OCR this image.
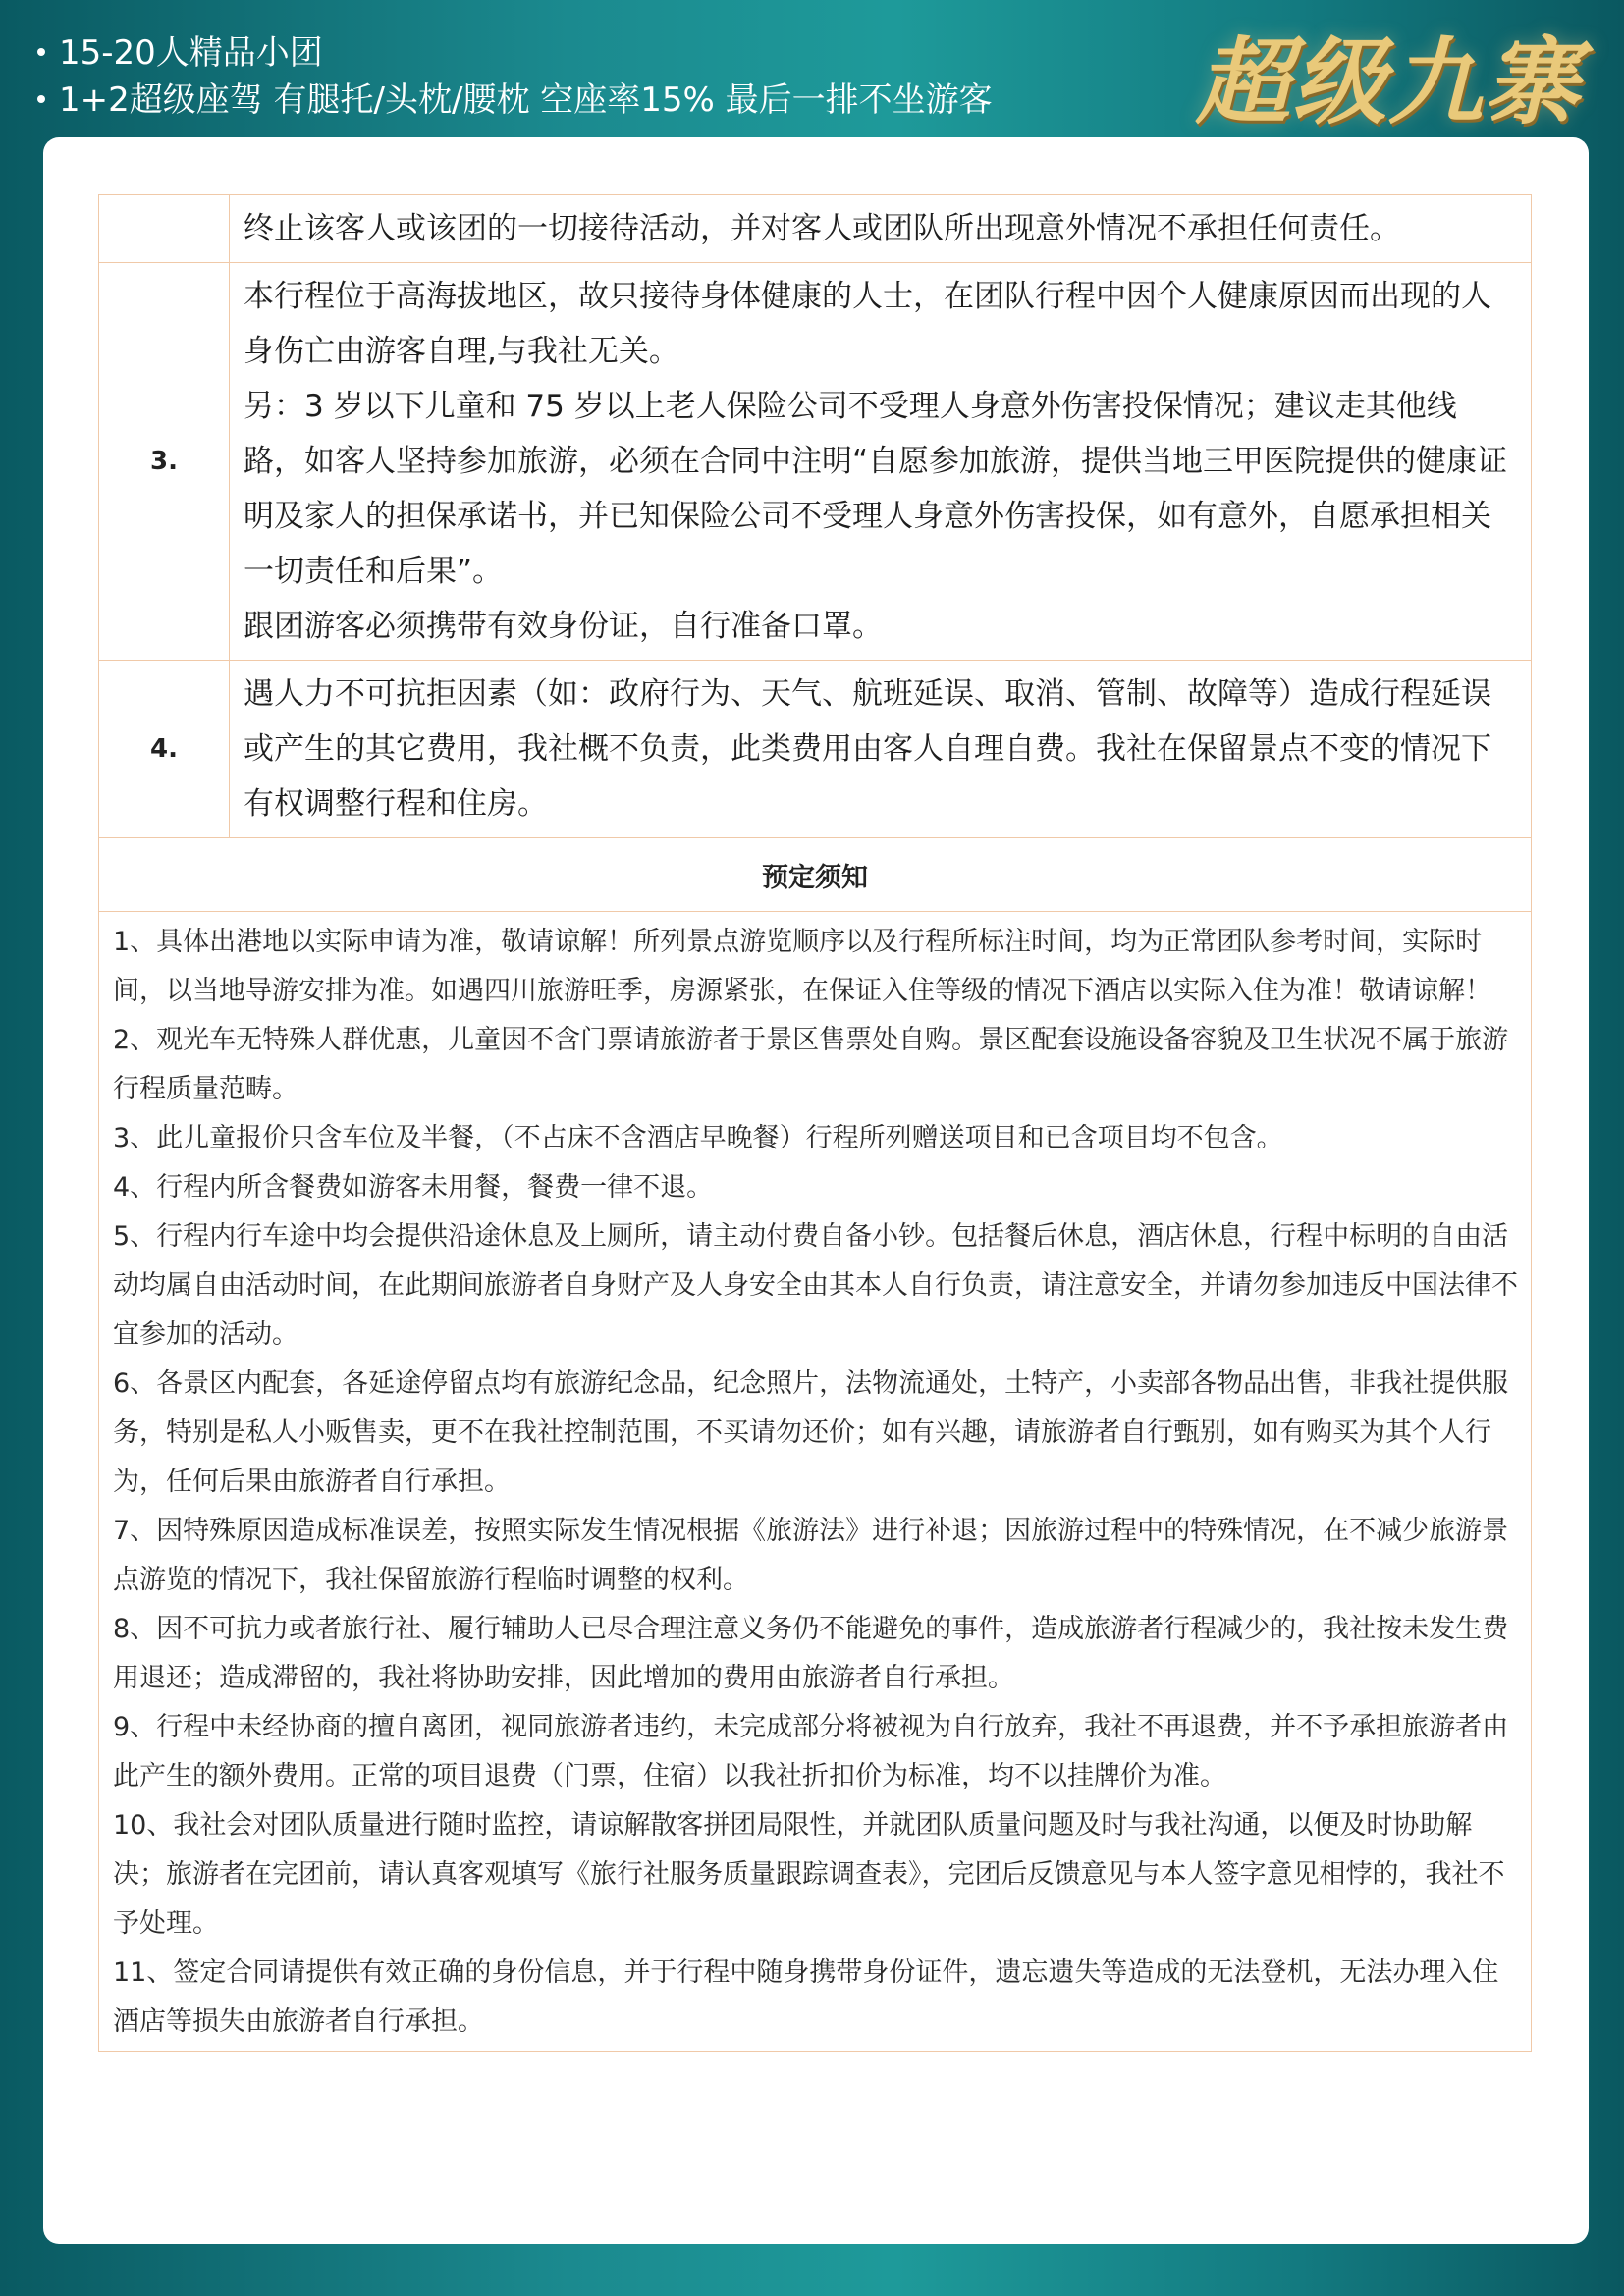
15-20人精品小团
1+2超级座驾 有腿托/头枕/腰枕 空座率15% 最后一排不坐游客 超级九寨

终止该客人或该团的一切接待活动，并对客人或团队所出现意外情况不承担任何责任。

3.

本行程位于高海拔地区，故只接待身体健康的人士，在团队行程中因个人健康原因而出现的人身伤亡由游客自理,与我社无关。

另：3 岁以下儿童和 75 岁以上老人保险公司不受理人身意外伤害投保情况；建议走其他线路，如客人坚持参加旅游，必须在合同中注明“自愿参加旅游，提供当地三甲医院提供的健康证明及家人的担保承诺书，并已知保险公司不受理人身意外伤害投保，如有意外，自愿承担相关一切责任和后果”。

跟团游客必须携带有效身份证，自行准备口罩。

4.

遇人力不可抗拒因素（如：政府行为、天气、航班延误、取消、管制、故障等）造成行程延误或产生的其它费用，我社概不负责，此类费用由客人自理自费。我社在保留景点不变的情况下有权调整行程和住房。

预定须知

1、具体出港地以实际申请为准，敬请谅解！所列景点游览顺序以及行程所标注时间，均为正常团队参考时间，实际时间，以当地导游安排为准。如遇四川旅游旺季，房源紧张，在保证入住等级的情况下酒店以实际入住为准！敬请谅解！

2、观光车无特殊人群优惠，儿童因不含门票请旅游者于景区售票处自购。景区配套设施设备容貌及卫生状况不属于旅游行程质量范畴。

3、此儿童报价只含车位及半餐，（不占床不含酒店早晚餐）行程所列赠送项目和已含项目均不包含。

4、行程内所含餐费如游客未用餐，餐费一律不退。

5、行程内行车途中均会提供沿途休息及上厕所，请主动付费自备小钞。包括餐后休息，酒店休息，行程中标明的自由活动均属自由活动时间，在此期间旅游者自身财产及人身安全由其本人自行负责，请注意安全，并请勿参加违反中国法律不宜参加的活动。

6、各景区内配套，各延途停留点均有旅游纪念品，纪念照片，法物流通处，土特产，小卖部各物品出售，非我社提供服务，特别是私人小贩售卖，更不在我社控制范围，不买请勿还价；如有兴趣，请旅游者自行甄别，如有购买为其个人行为，任何后果由旅游者自行承担。

7、因特殊原因造成标准误差，按照实际发生情况根据《旅游法》进行补退；因旅游过程中的特殊情况，在不减少旅游景点游览的情况下，我社保留旅游行程临时调整的权利。

8、因不可抗力或者旅行社、履行辅助人已尽合理注意义务仍不能避免的事件，造成旅游者行程减少的，我社按未发生费用退还；造成滞留的，我社将协助安排，因此增加的费用由旅游者自行承担。

9、行程中未经协商的擅自离团，视同旅游者违约，未完成部分将被视为自行放弃，我社不再退费，并不予承担旅游者由此产生的额外费用。正常的项目退费（门票，住宿）以我社折扣价为标准，均不以挂牌价为准。

10、我社会对团队质量进行随时监控，请谅解散客拼团局限性，并就团队质量问题及时与我社沟通，以便及时协助解决；旅游者在完团前，请认真客观填写《旅行社服务质量跟踪调查表》，完团后反馈意见与本人签字意见相悖的，我社不予处理。

11、签定合同请提供有效正确的身份信息，并于行程中随身携带身份证件，遗忘遗失等造成的无法登机，无法办理入住酒店等损失由旅游者自行承担。
